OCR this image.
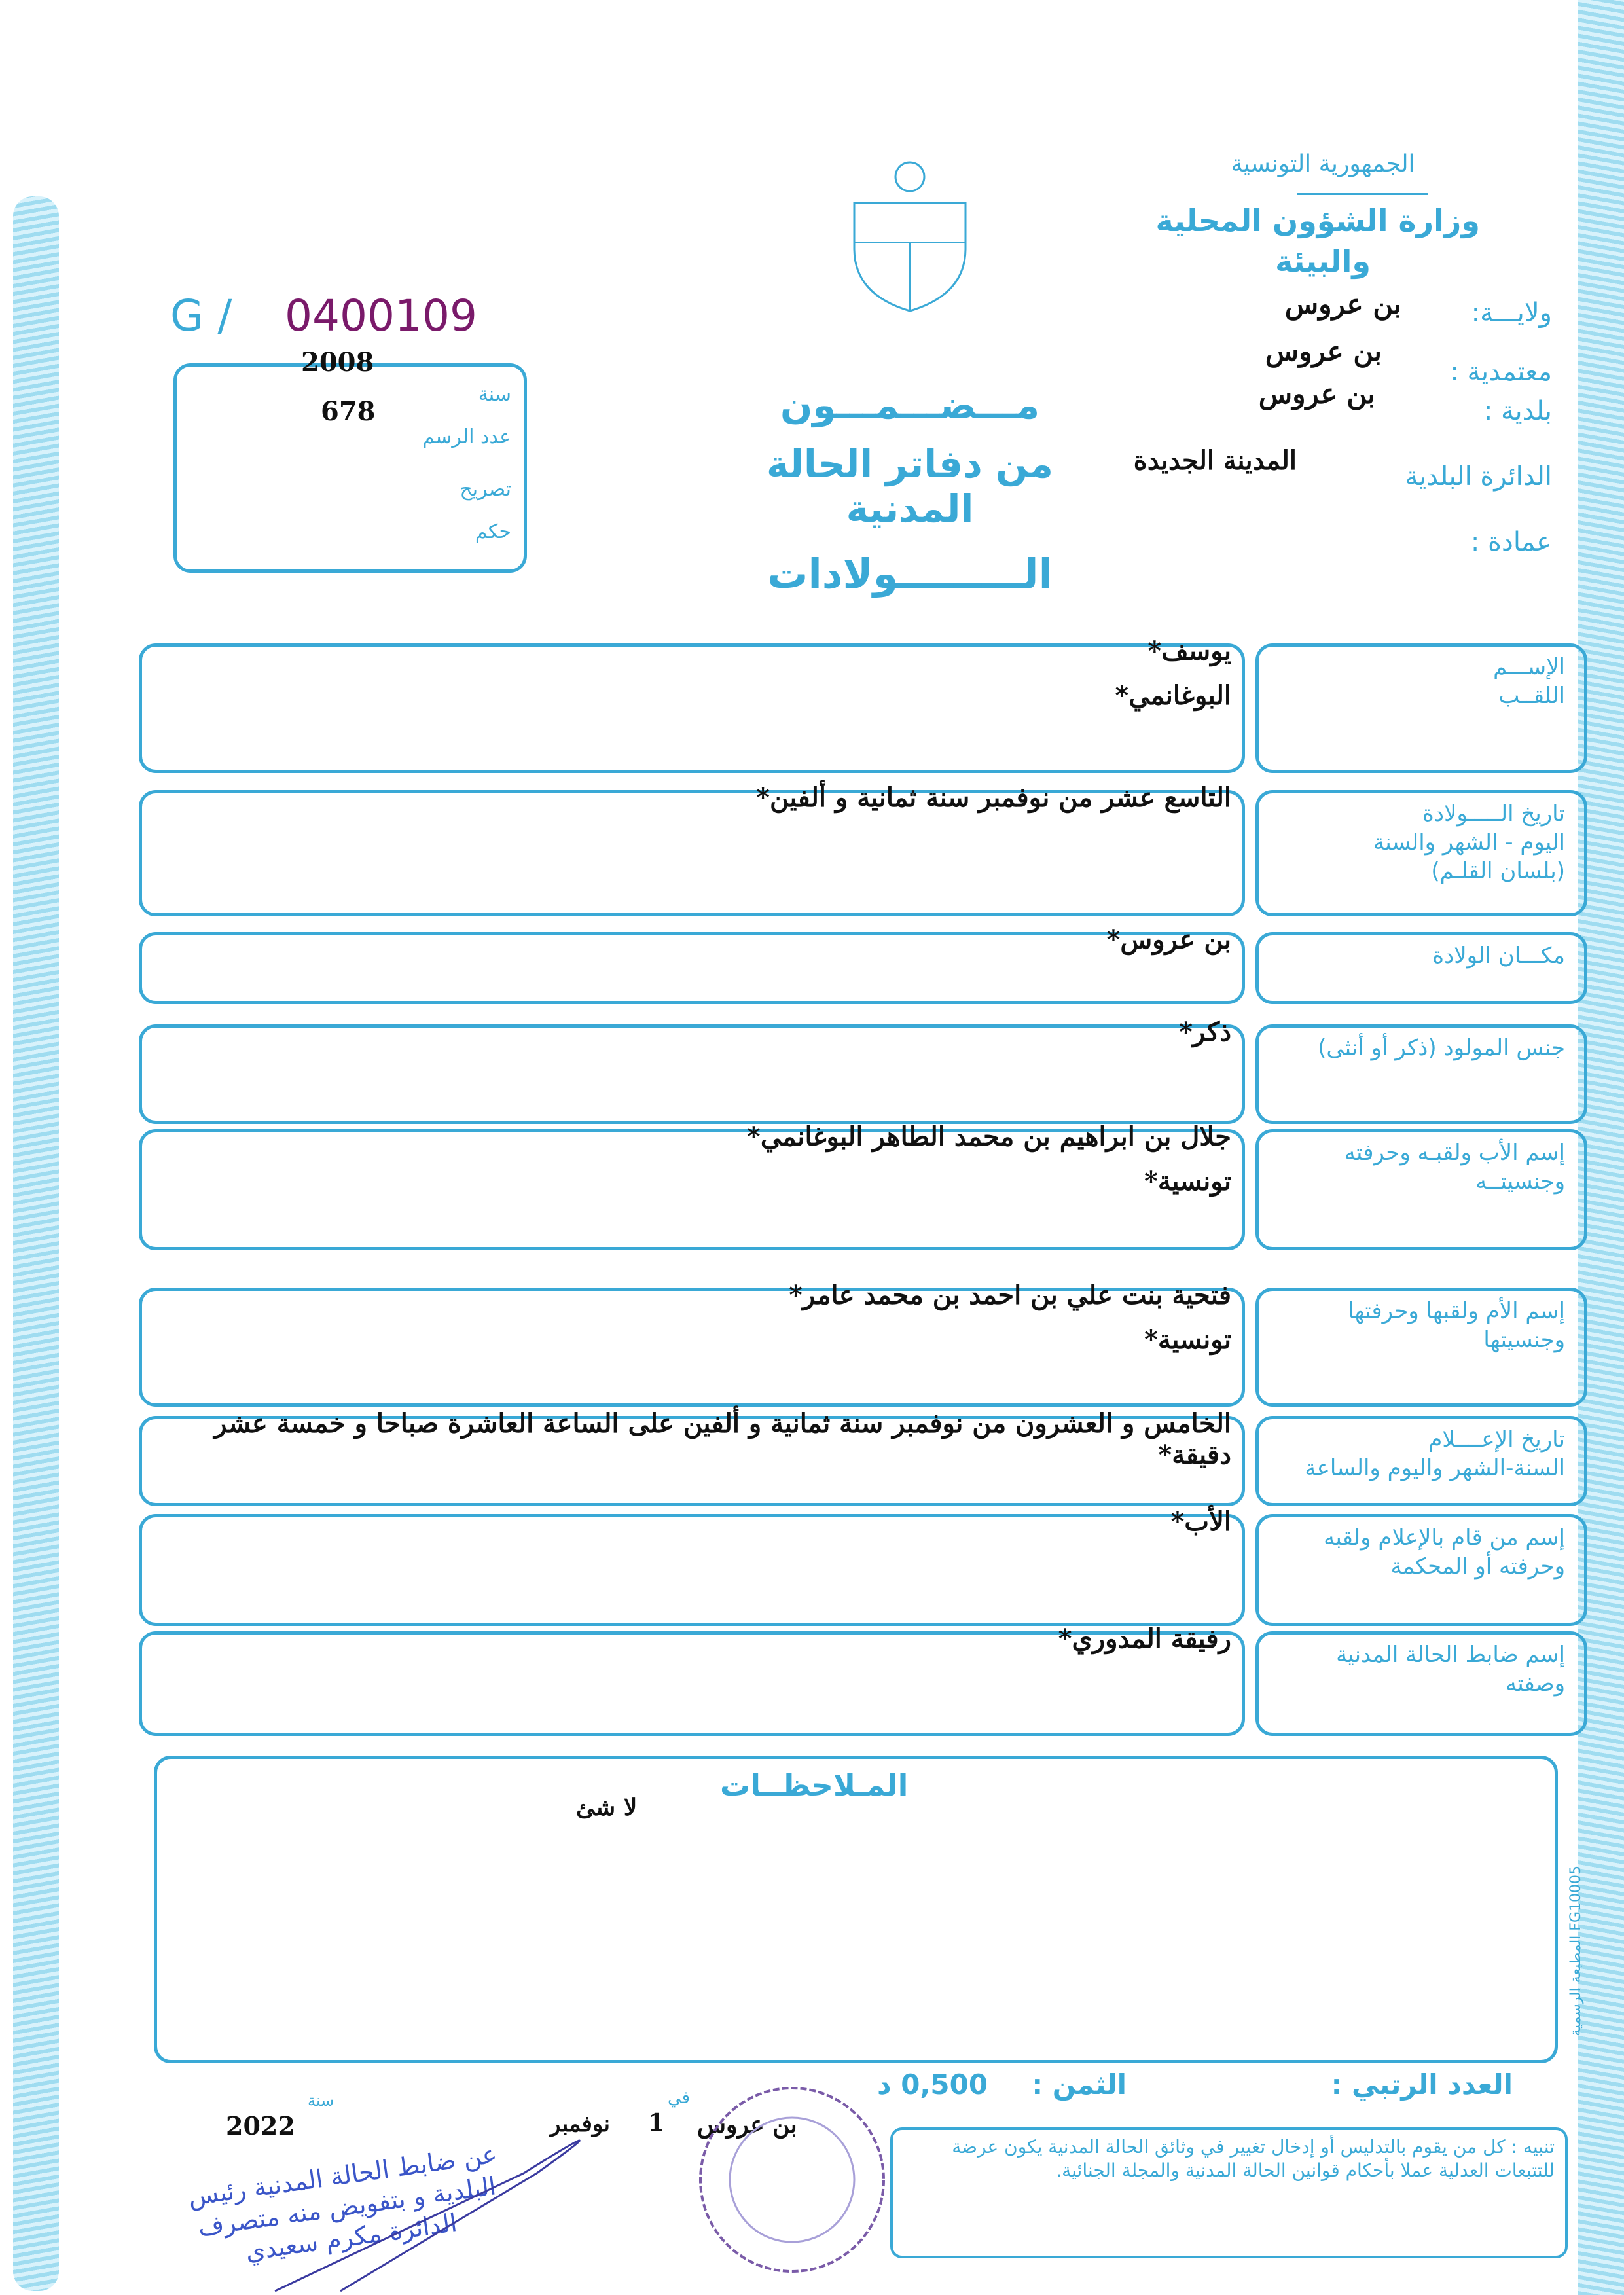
الجمهورية التونسية
وزارة الشؤون المحلية
والبيئة
ولايـــة:
بن عروس
معتمدية :
بن عروس
بلدية :
بن عروس
الدائرة البلدية
المدينة الجديدة
عمادة :
G / 0400109
2008
سنة
678
عدد الرسم
تصريح
حكم
مـــضـــمـــون
من دفاتر الحالة المدنية
الـــــــــولادات
الإســـم
اللقــب
يوسف*
البوغانمي*
تاريخ الـــــولادة
اليوم - الشهر والسنة
(بلسان القلـم)
التاسع عشر من نوفمبر سنة ثمانية و ألفين*
مكـــان الولادة
بن عروس*
جنس المولود (ذكر أو أنثى)
ذكر*
إسم الأب ولقبـه وحرفته
وجنسيتــه
جلال بن ابراهيم بن محمد الطاهر البوغانمي*
تونسية*
إسم الأم ولقبها وحرفتها
وجنسيتها
فتحية بنت علي بن احمد بن محمد عامر*
تونسية*
تاريخ الإعــــلام
السنة-الشهر واليوم والساعة
الخامس و العشرون من نوفمبر سنة ثمانية و ألفين على الساعة العاشرة صباحا و خمسة عشر دقيقة*
إسم من قام بالإعلام ولقبه
وحرفته أو المحكمة
الأب*
إسم ضابط الحالة المدنية
وصفته
رفيقة المدوري*
المـلاحظــات
لا شئ
المطبعة الرسمية FG10005
العدد الرتبي :
الثمن :
0,500 د
بن عروس
في
1
نوفمبر
سنة
2022
تنبيه : كل من يقوم بالتدليس أو إدخال تغيير في وثائق الحالة المدنية يكون عرضة
للتتبعات العدلية عملا بأحكام قوانين الحالة المدنية والمجلة الجنائية.
عن ضابط الحالة المدنية رئيس البلدية و بتفويض منه متصرف الدائرة مكرم سعيدي
